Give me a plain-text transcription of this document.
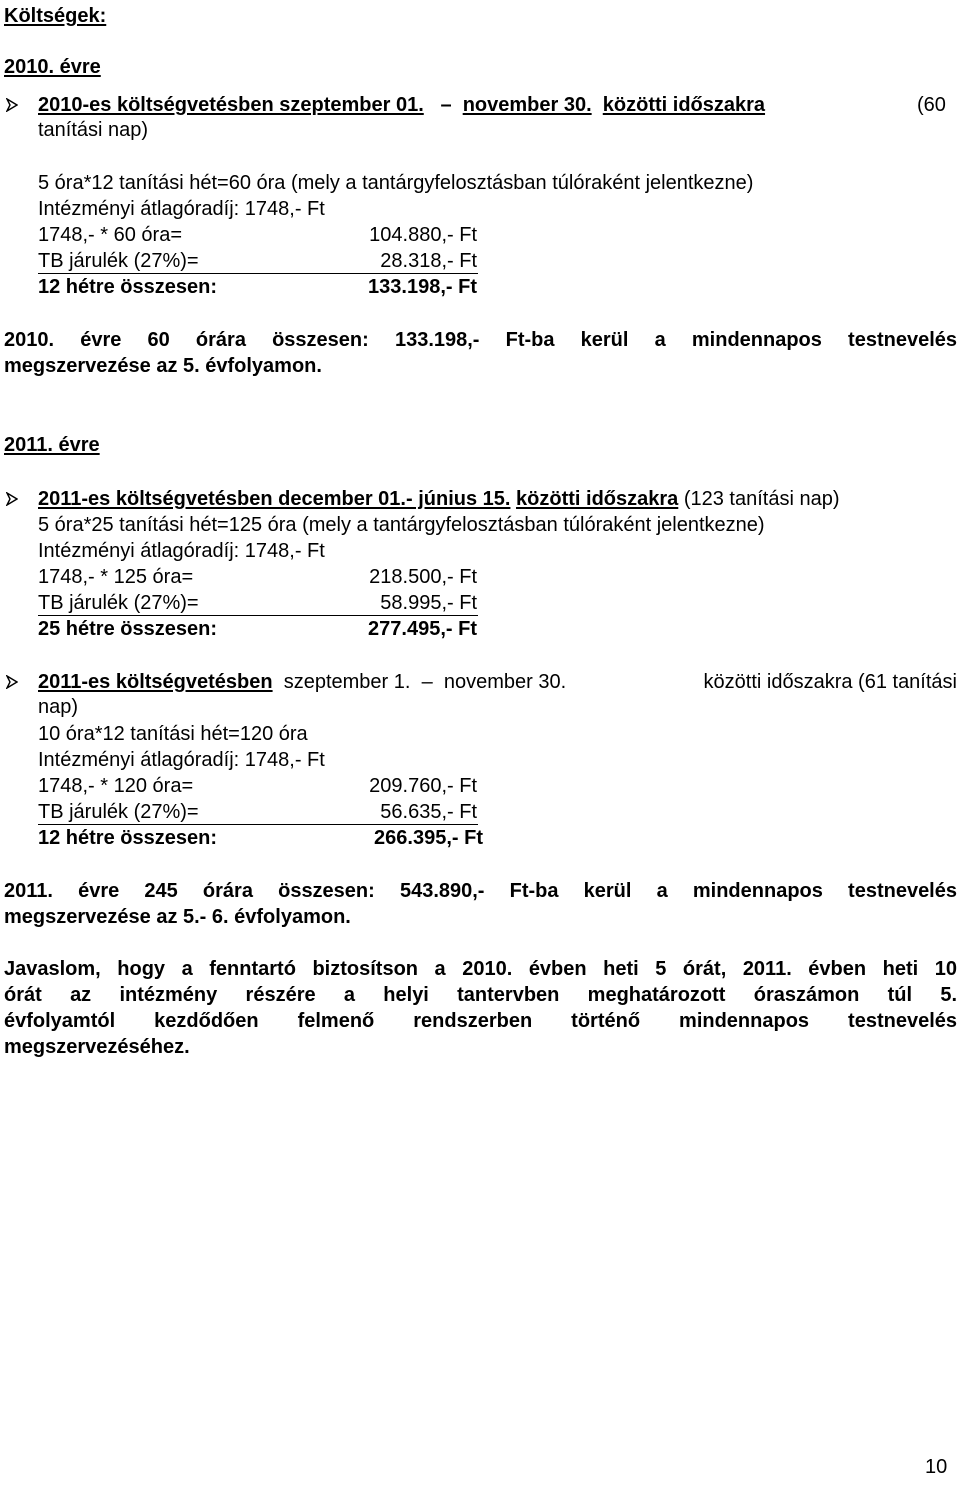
Költségek:
2010. évre
2010-es költségvetésben szeptember 01. – november 30. közötti időszakra	(60
tanítási nap)
5 óra*12 tanítási hét=60 óra (mely a tantárgyfelosztásban túlóraként jelentkezne)
Intézményi átlagóradíj: 1748,- Ft
1748,- * 60 óra=	104.880,- Ft
TB járulék (27%)=	28.318,- Ft
12 hétre összesen:	133.198,- Ft
2010. évre 60 órára összesen: 133.198,- Ft-ba kerül a mindennapos testnevelés
megszervezése az 5. évfolyamon.
2011. évre
2011-es költségvetésben december 01.- június 15. közötti időszakra (123 tanítási nap)
5 óra*25 tanítási hét=125 óra (mely a tantárgyfelosztásban túlóraként jelentkezne)
Intézményi átlagóradíj: 1748,- Ft
1748,- * 125 óra=	218.500,- Ft
TB járulék (27%)=	58.995,- Ft
25 hétre összesen:	277.495,- Ft
2011-es költségvetésben szeptember 1. – november 30.	közötti időszakra (61 tanítási
nap)
10 óra*12 tanítási hét=120 óra
Intézményi átlagóradíj: 1748,- Ft
1748,- * 120 óra=	209.760,- Ft
TB járulék (27%)=	56.635,- Ft
12 hétre összesen:	266.395,- Ft
2011. évre 245 órára összesen: 543.890,- Ft-ba kerül a mindennapos testnevelés
megszervezése az 5.- 6. évfolyamon.
Javaslom, hogy a fenntartó biztosítson a 2010. évben heti 5 órát, 2011. évben heti 10
órát az intézmény részére a helyi tantervben meghatározott óraszámon túl 5.
évfolyamtól kezdődően felmenő rendszerben történő mindennapos testnevelés
megszervezéséhez.
10
